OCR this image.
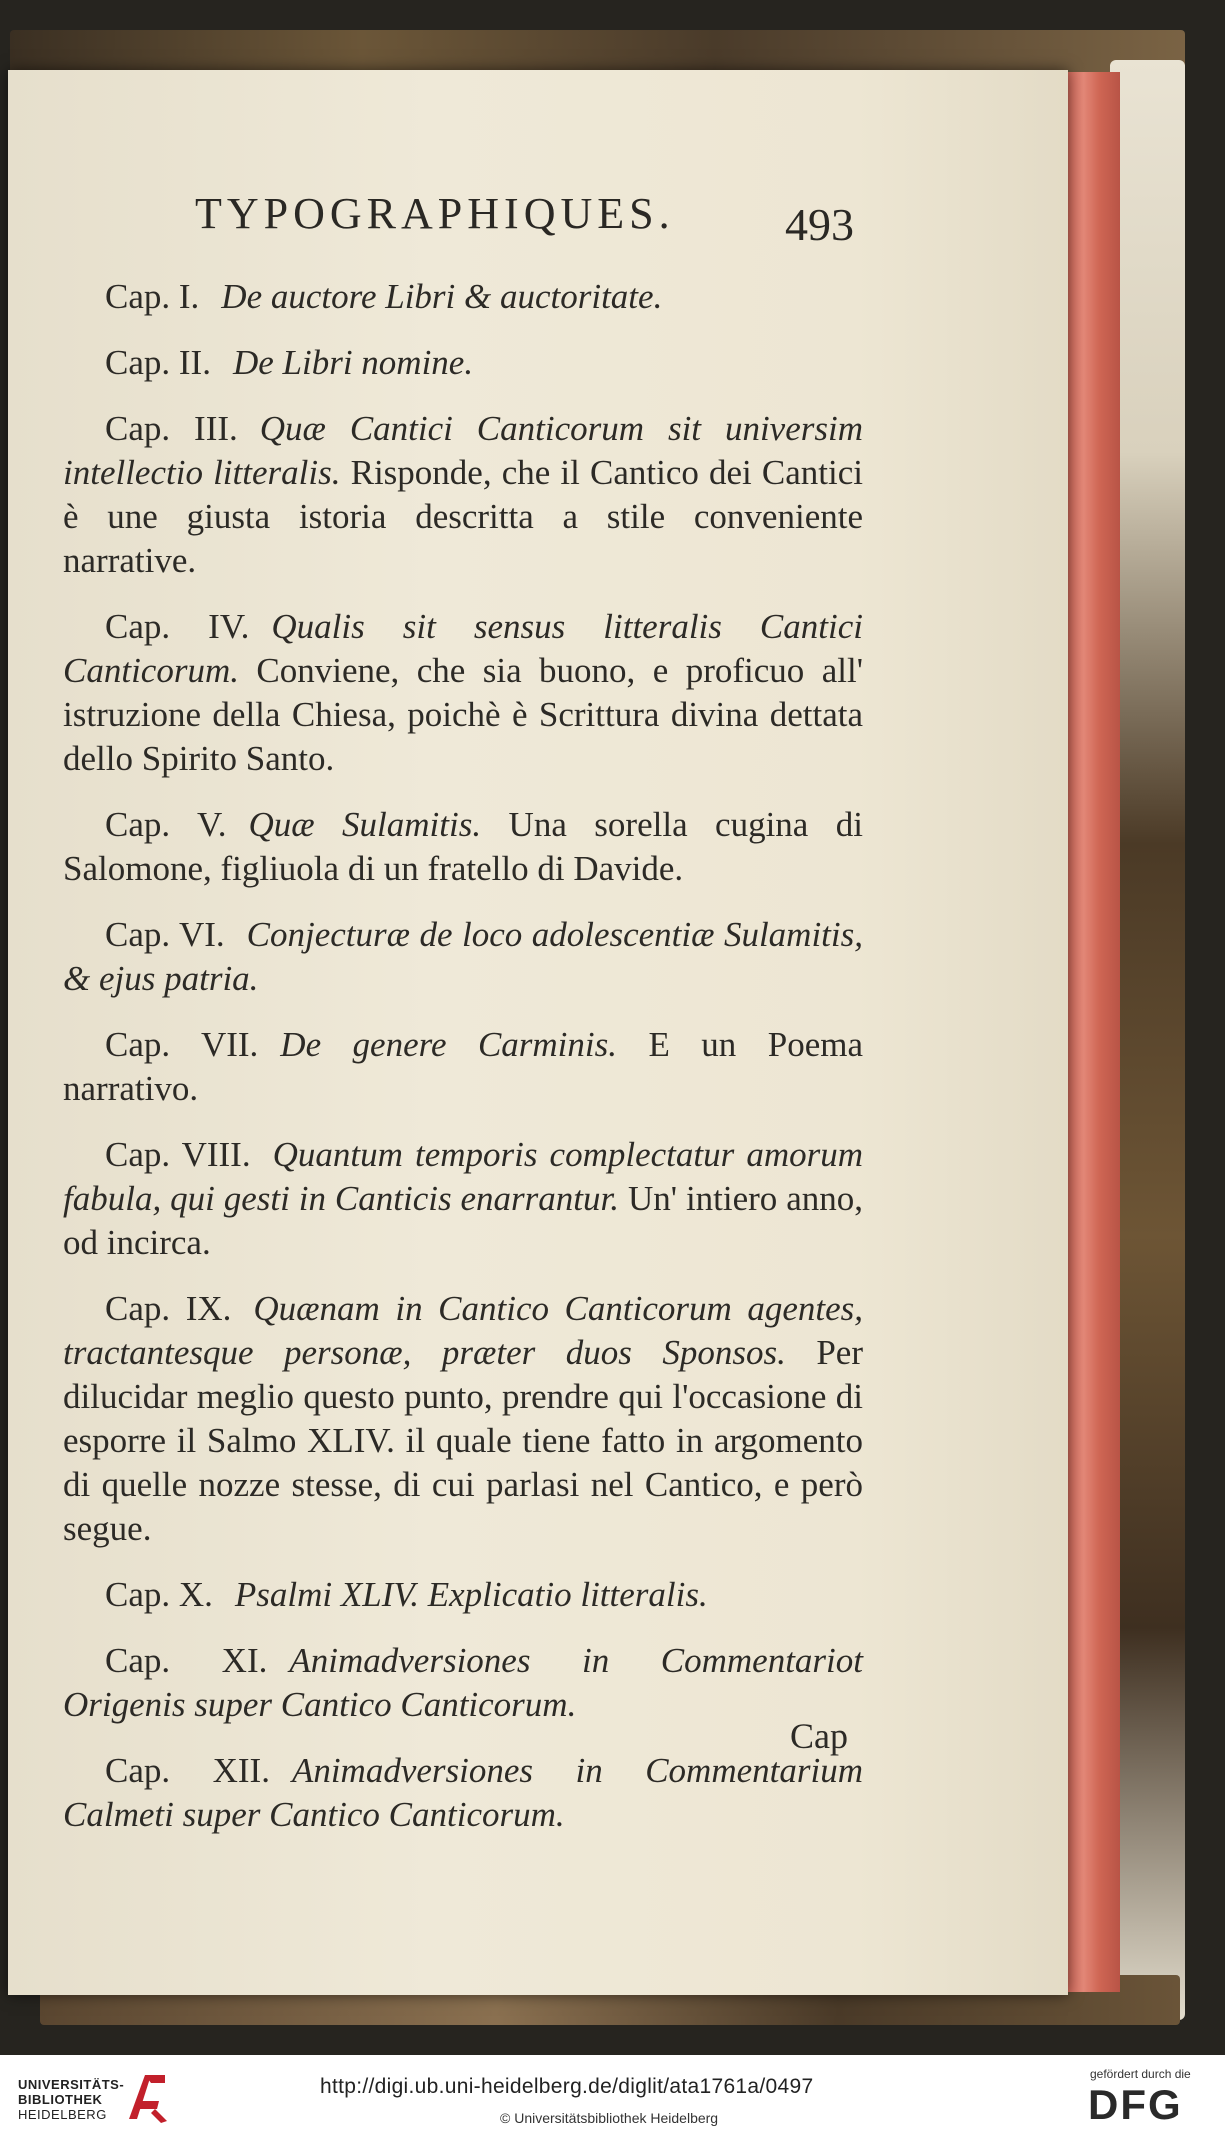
TYPOGRAPHIQUES.	493

Cap. I. De auctore Libri & auctoritate.

Cap. II. De Libri nomine.

Cap. III. Quæ Cantici Canticorum sit universim intellectio litteralis. Risponde, che il Cantico dei Cantici è une giusta istoria descritta a stile conveniente narrative.

Cap. IV. Qualis sit sensus litteralis Cantici Canticorum. Conviene, che sia buono, e proficuo all' istruzione della Chiesa, poichè è Scrittura divina dettata dello Spirito Santo.

Cap. V. Quæ Sulamitis. Una sorella cugina di Salomone, figliuola di un fratello di Davide.

Cap. VI. Conjecturæ de loco adolescentiæ Sulamitis, & ejus patria.

Cap. VII. De genere Carminis. E un Poema narrativo.

Cap. VIII. Quantum temporis complectatur amorum fabula, qui gesti in Canticis enarrantur. Un' intiero anno, od incirca.

Cap. IX. Quænam in Cantico Canticorum agentes, tractantesque personæ, præter duos Sponsos. Per dilucidar meglio questo punto, prendre qui l'occasione di esporre il Salmo XLIV. il quale tiene fatto in argomento di quelle nozze stesse, di cui parlasi nel Cantico, e però segue.

Cap. X. Psalmi XLIV. Explicatio litteralis.

Cap. XI. Animadversiones in Commentariot Origenis super Cantico Canticorum.

Cap. XII. Animadversiones in Commentarium Calmeti super Cantico Canticorum.

Cap
UNIVERSITÄTS-
BIBLIOTHEK
HEIDELBERG
http://digi.ub.uni-heidelberg.de/diglit/ata1761a/0497
© Universitätsbibliothek Heidelberg
gefördert durch die
DFG
